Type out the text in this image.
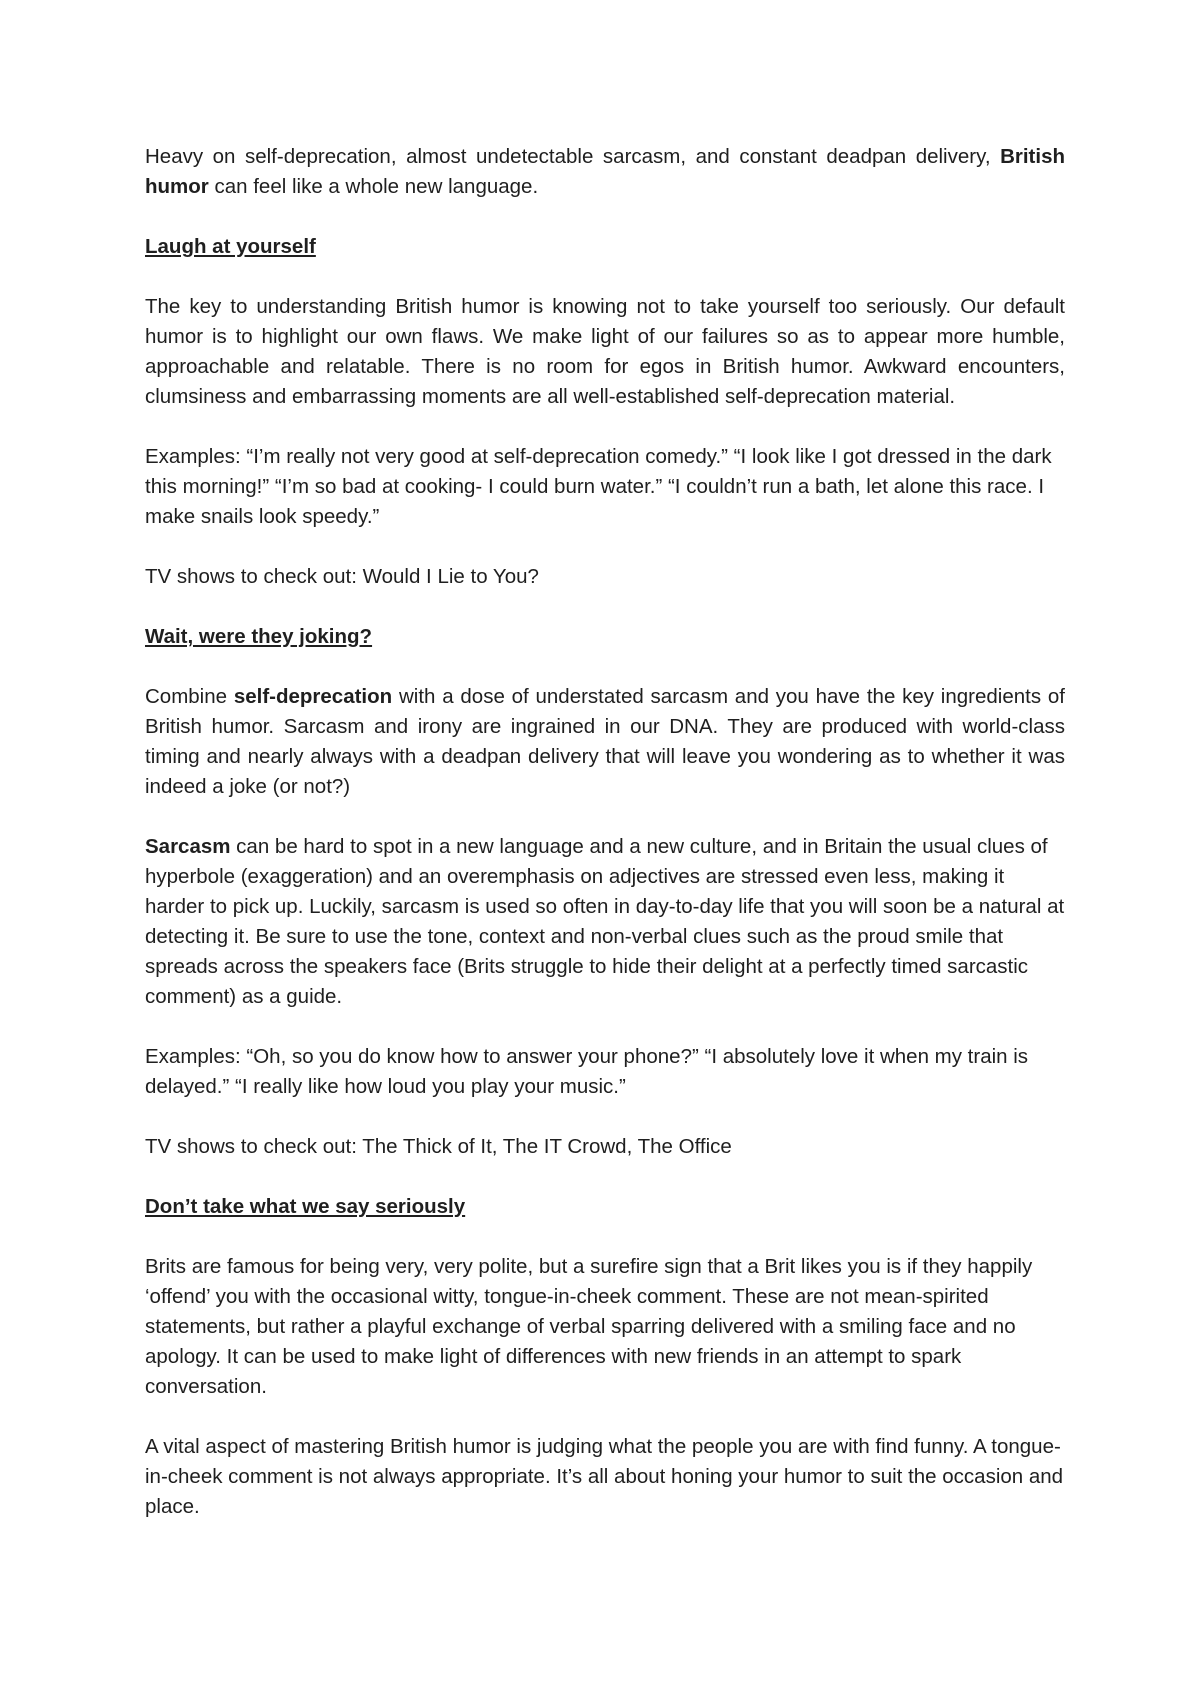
Heavy on self-deprecation, almost undetectable sarcasm, and constant deadpan delivery, British humor can feel like a whole new language.

Laugh at yourself

The key to understanding British humor is knowing not to take yourself too seriously. Our default humor is to highlight our own flaws. We make light of our failures so as to appear more humble, approachable and relatable. There is no room for egos in British humor. Awkward encounters, clumsiness and embarrassing moments are all well-established self-deprecation material.

Examples: “I’m really not very good at self-deprecation comedy.” “I look like I got dressed in the dark this morning!” “I’m so bad at cooking- I could burn water.” “I couldn’t run a bath, let alone this race. I make snails look speedy.”

TV shows to check out: Would I Lie to You?

Wait, were they joking?

Combine self-deprecation with a dose of understated sarcasm and you have the key ingredients of British humor. Sarcasm and irony are ingrained in our DNA. They are produced with world-class timing and nearly always with a deadpan delivery that will leave you wondering as to whether it was indeed a joke (or not?)

Sarcasm can be hard to spot in a new language and a new culture, and in Britain the usual clues of hyperbole (exaggeration) and an overemphasis on adjectives are stressed even less, making it harder to pick up. Luckily, sarcasm is used so often in day-to-day life that you will soon be a natural at detecting it. Be sure to use the tone, context and non-verbal clues such as the proud smile that spreads across the speakers face (Brits struggle to hide their delight at a perfectly timed sarcastic comment) as a guide.

Examples: “Oh, so you do know how to answer your phone?” “I absolutely love it when my train is delayed.” “I really like how loud you play your music.”

TV shows to check out: The Thick of It, The IT Crowd, The Office

Don’t take what we say seriously

Brits are famous for being very, very polite, but a surefire sign that a Brit likes you is if they happily ‘offend’ you with the occasional witty, tongue-in-cheek comment. These are not mean-spirited statements, but rather a playful exchange of verbal sparring delivered with a smiling face and no apology. It can be used to make light of differences with new friends in an attempt to spark conversation.

A vital aspect of mastering British humor is judging what the people you are with find funny. A tongue-in-cheek comment is not always appropriate. It’s all about honing your humor to suit the occasion and place.
